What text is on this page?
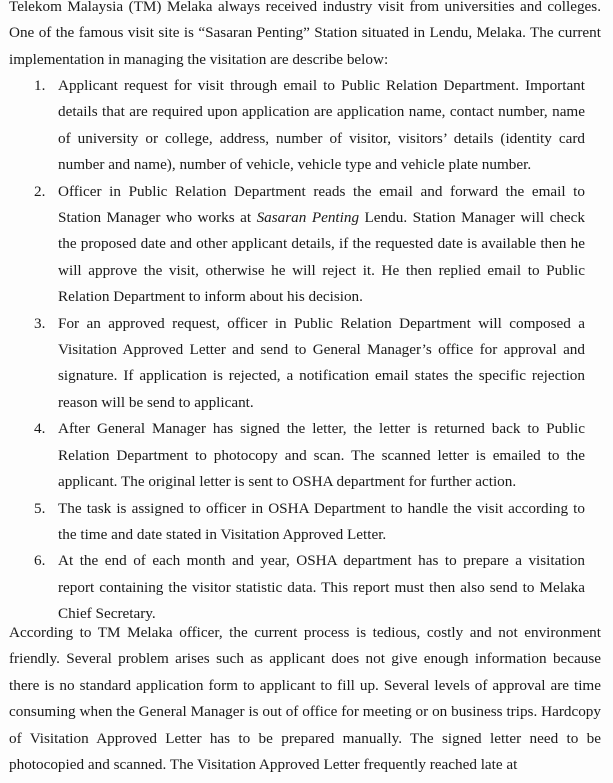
Telekom Malaysia (TM) Melaka always received industry visit from universities and colleges. One of the famous visit site is “Sasaran Penting” Station situated in Lendu, Melaka. The current implementation in managing the visitation are describe below:

1. Applicant request for visit through email to Public Relation Department. Important details that are required upon application are application name, contact number, name of university or college, address, number of visitor, visitors’ details (identity card number and name), number of vehicle, vehicle type and vehicle plate number.
2. Officer in Public Relation Department reads the email and forward the email to Station Manager who works at Sasaran Penting Lendu. Station Manager will check the proposed date and other applicant details, if the requested date is available then he will approve the visit, otherwise he will reject it. He then replied email to Public Relation Department to inform about his decision.
3. For an approved request, officer in Public Relation Department will composed a Visitation Approved Letter and send to General Manager’s office for approval and signature. If application is rejected, a notification email states the specific rejection reason will be send to applicant.
4. After General Manager has signed the letter, the letter is returned back to Public Relation Department to photocopy and scan. The scanned letter is emailed to the applicant. The original letter is sent to OSHA department for further action.
5. The task is assigned to officer in OSHA Department to handle the visit according to the time and date stated in Visitation Approved Letter.
6. At the end of each month and year, OSHA department has to prepare a visitation report containing the visitor statistic data. This report must then also send to Melaka Chief Secretary.

According to TM Melaka officer, the current process is tedious, costly and not environment friendly. Several problem arises such as applicant does not give enough information because there is no standard application form to applicant to fill up. Several levels of approval are time consuming when the General Manager is out of office for meeting or on business trips. Hardcopy of Visitation Approved Letter has to be prepared manually. The signed letter need to be photocopied and scanned. The Visitation Approved Letter frequently reached late at
